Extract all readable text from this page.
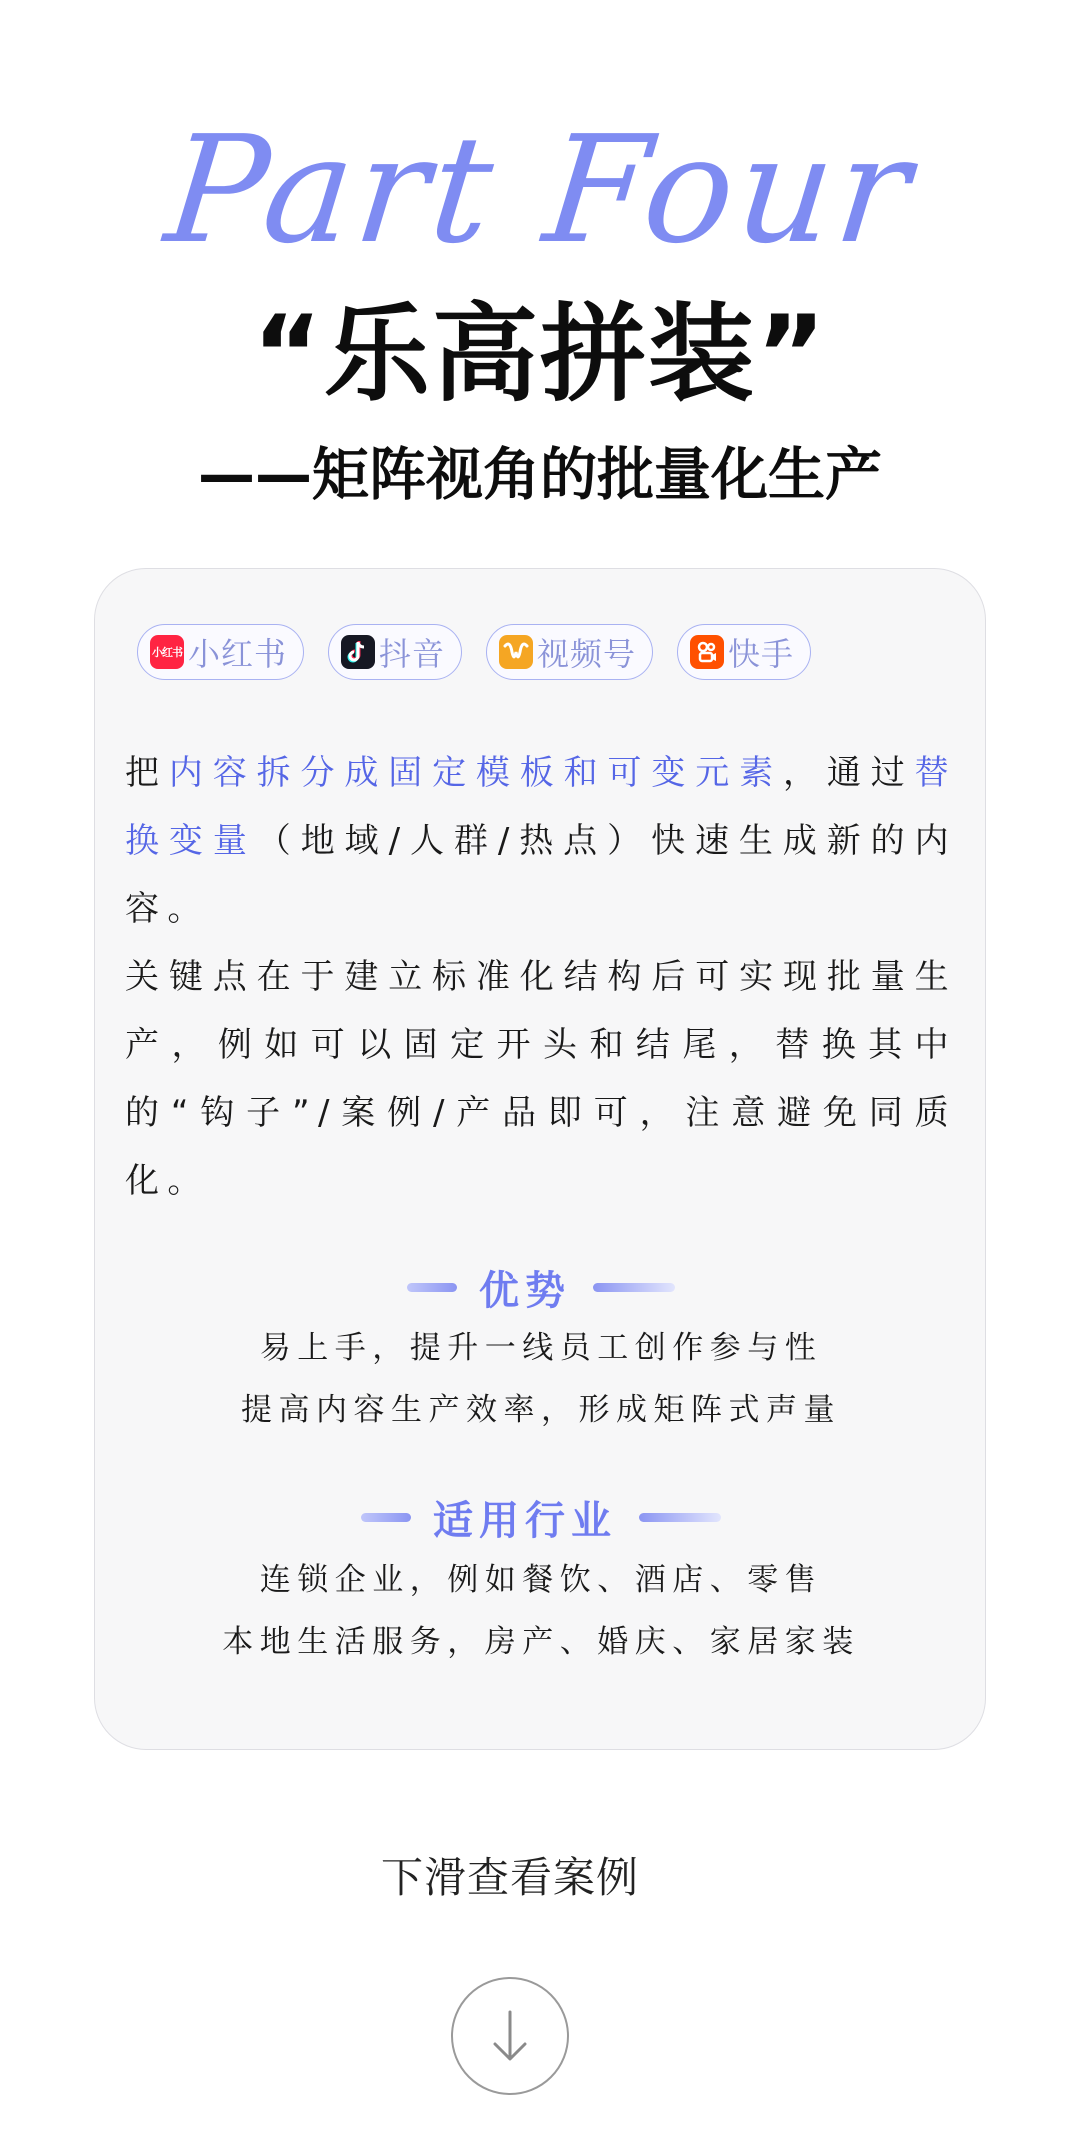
Part Four
“乐高拼装”
——矩阵视角的批量化生产
小红书 小红书	抖音	视频号	快手

把内容拆分成固定模板和可变元素，通过替换变量（地域/人群/热点）快速生成新的内容。

关键点在于建立标准化结构后可实现批量生产，例如可以固定开头和结尾，替换其中的“钩子”/案例/产品即可，注意避免同质化。

优势
易上手，提升一线员工创作参与性
提高内容生产效率，形成矩阵式声量
适用行业
连锁企业，例如餐饮、酒店、零售
本地生活服务，房产、婚庆、家居家装
下滑查看案例
